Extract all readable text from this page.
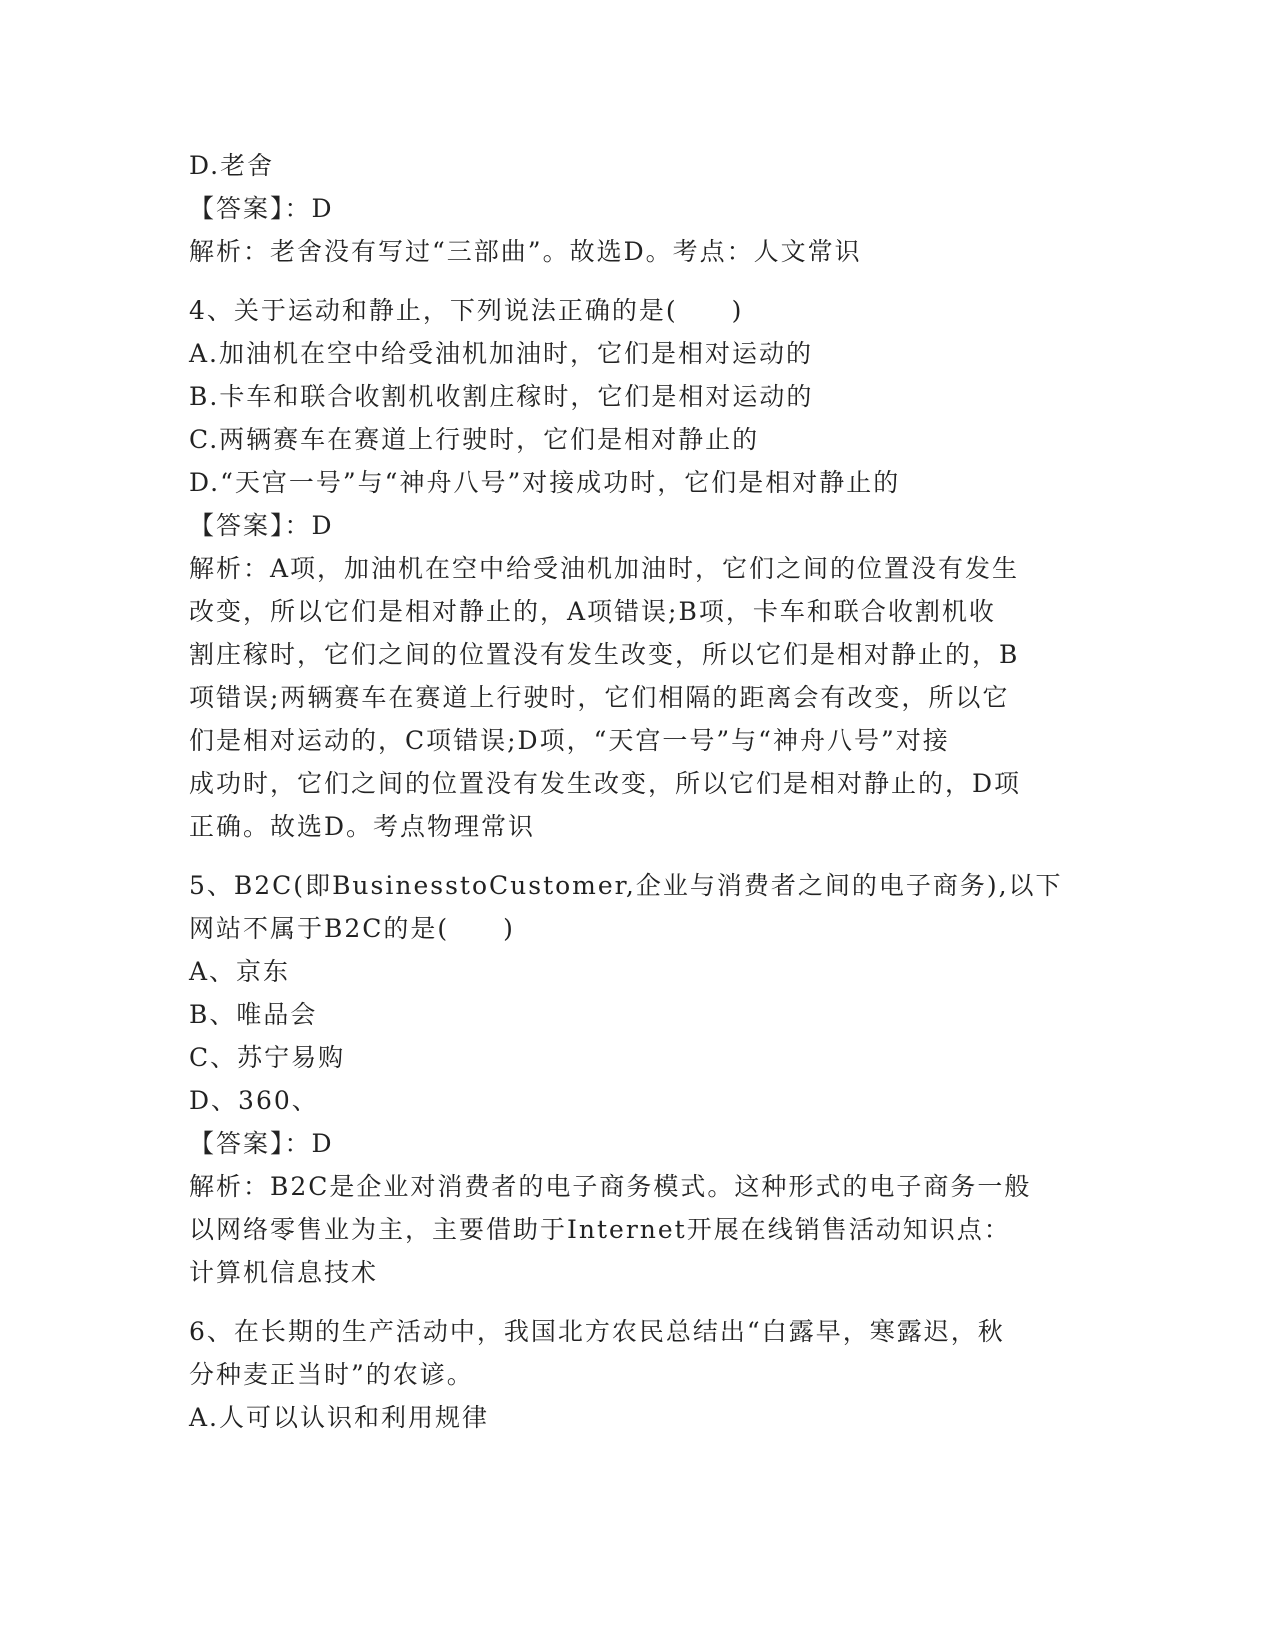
D.老舍
【答案】：D
解析：老舍没有写过“三部曲”。故选D。考点：人文常识
4、关于运动和静止，下列说法正确的是(　　)
A.加油机在空中给受油机加油时，它们是相对运动的
B.卡车和联合收割机收割庄稼时，它们是相对运动的
C.两辆赛车在赛道上行驶时，它们是相对静止的
D.“天宫一号”与“神舟八号”对接成功时，它们是相对静止的
【答案】：D
解析：A项，加油机在空中给受油机加油时，它们之间的位置没有发生
改变，所以它们是相对静止的，A项错误;B项，卡车和联合收割机收
割庄稼时，它们之间的位置没有发生改变，所以它们是相对静止的，B
项错误;两辆赛车在赛道上行驶时，它们相隔的距离会有改变，所以它
们是相对运动的，C项错误;D项，“天宫一号”与“神舟八号”对接
成功时，它们之间的位置没有发生改变，所以它们是相对静止的，D项
正确。故选D。考点物理常识
5、B2C(即BusinesstoCustomer,企业与消费者之间的电子商务),以下
网站不属于B2C的是(　　)
A、京东
B、唯品会
C、苏宁易购
D、360、
【答案】：D
解析：B2C是企业对消费者的电子商务模式。这种形式的电子商务一般
以网络零售业为主，主要借助于Internet开展在线销售活动知识点：
计算机信息技术
6、在长期的生产活动中，我国北方农民总结出“白露早，寒露迟，秋
分种麦正当时”的农谚。
A.人可以认识和利用规律
